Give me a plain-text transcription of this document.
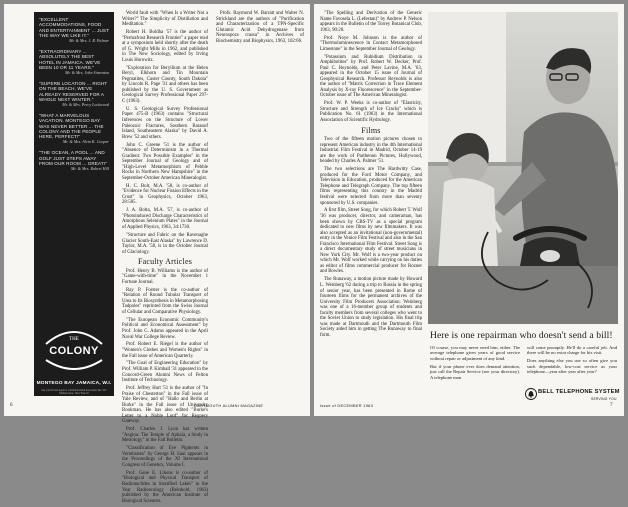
"EXCELLENT ACCOMMODATIONS, FOOD AND ENTERTAINMENT ... JUST THE WAY WE LIKE IT."
Mr. & Mrs. J. R. Palmer
"EXTRAORDINARY ... ABSOLUTELY THE BEST HOTEL IN JAMAICA. WE'VE BEEN 10 OR 11 YEARS."
Mr. & Mrs. John Simonton
"SUPERB LOCATION ... RIGHT ON THE BEACH, WE'VE ALREADY RESERVED FOR A WHOLE NEXT WINTER."
Mr. & Mrs. Percy Lockwood
"WHAT A MARVELOUS VACATION. MONTEGO BAY WAS NEVER BETTER ... THE COLONY AND THE PEOPLE HERE, PERFECT!"
Mr. & Mrs. Alvin K. Cooper
"THE OCEAN, A POOL ... AND GOLF JUST STEPS AWAY FROM OUR ROOM ... GREAT!"
Mr. & Mrs. Robert Hill
THE
COLONY
MONTEGO BAY JAMAICA, W.I.
See your Travel Agent or call Robert Reid Associates, Inc. 527 Madison Ave., New York 22

World fault with "When Is a Writer Not a Writer?" The Simplicity of Distillation and Meditation."

Robert H. Boldha '57 is the author of "Permafrost Research Frontier" a paper read at a symposium held shortly after the death of G. Wright Mills in 1962, and published in The New Sociology, edited by Irving Louis Horowitz.

"Exploration for Beryllium at the Helen Beryl, Elkhorn and Tin Mountain Pegmatites, Custer County, South Dakota" by Lincoln R. Page '31 and others has been published by the U. S. Government as Geological Survey Professional Paper 297-C (1963).

U. S. Geological Survey Professional Paper 475-B (1963) contains "Structural Inferences on the Structure of Lower Paleozoic Fractures, Southern Baranof Island, Southeastern Alaska" by David A. Brew '52 and others.

John C. Greene '51 is the author of "Absence of Determinism in a Thermal Gradient: Two Possible Examples" in the September Journal of Geology and of "High-Level Metamorphism of Pebble Rocks in Northern New Hampshire" in the September-October American Mineralogist.

H. C. Bolt, M.A. '58, is co-author of "Evidence for Nuclear Fission Effects in the Crust" in Geophysics, October 1963, 28:585.

J. A. Bolta, M.A. '57, is co-author of "Photoinduced Discharge Characteristics of Amorphous Selenium Plates" in the Journal of Applied Physics, 1963, 34:1730.

"Structure and Fabric on the Ravenaghe Glacier South-East Alaska" by Lawrence D. Taylor, M.A. '58, is in the October Journal of Glaciology.

Faculty Articles

Prof. Henry B. Williams is the author of "Game-with-time" in the November 1 Fortune Journal.

Ray P. Forster is the co-author of "Relation of Round Tubular Transport of Urea to Its Biosynthesis in Metamorphosing Tadpoles" reprinted from the Swiss Journal of Cellular and Comparative Physiology.

"The European Economic Community's Political and Economical Assessment" by Prof. John C. Adams appeared in the April Naval War College Review.

Prof. Robert E. Riegel is the author of "Women's Clothes and Women's Rights" in the Fall issue of American Quarterly.

"The Goal of Engineering Education" by Prof. William P. Kimball '31 appeared in the Concord-Green Alumni News of Felton Institute of Technology.

Prof. Jeffrey Hart '51 is the author of "In Praise of Chesterton" in the Fall issue of Yale Review, and of "Hallo and Berlin at Burke" in the Fall issue of University Bookman. He has also edited "Burke's Letter to a Noble Lord" for Regnery Gateway.

Prof. Charles J. Lyon has written "Aegina: The Temple of Aphaia, a Study in Metrology" in the Fall Bulletin.

"Classification of Eye Pigments in Vertebrates" by George H. Saul appears in the Proceedings of the XI International Congress of Genetics, Volume I.

Prof. Gene E. Likens is co-author of "Biological and Physical Transport of Radionuclides in Stratified Lakes" in the Year Radioecology (Reinhold, 1963) published by the American Institute of Biological Sciences.

Profs. Raymond W. Barratt and Walter N. Strickland are the authors of "Purification and Characterization of a TPN-Specific Glutamic Acid Dehydrogenase from Neurospora crassa" in Archives of Biochemistry and Biophysics, 1963, 102:66.

6	DARTMOUTH ALUMNI MAGAZINE

"The Spelling and Derivation of the Generic Name Favosela L. (Lefestan)" by Andrew P. Nelson appears in the Bulletin of the Torrey Botanical Club, 1963, 90:28.

Prof. Noye M. Johnson is the author of "Thermoluminescence in Contact Metamorphosed Limestone" in the September Journal of Geology.

"Potassium and Rubidium Distribution in Amphibolites" by Prof. Robert W. Decker, Prof. Paul C. Reynolds, and Peter Lavine, M.A. '63, appeared in the October 15 issue of Journal of Geophysical Research. Professor Reynolds is also the author of "Matrix Correction in Trace Element Analysis by X-ray Fluorescence" in the September-October issue of The American Mineralogist.

Prof. W. P. Weeks is co-author of "Elasticity, Structure and Strength of Ice Cracks" which is Publication No. 61 (1963) in the International Association of Scientific Hydrology.

Films

Two of the fifteen motion pictures chosen to represent American industry in the 4th International Industrial Film Festival in Madrid, October 14-19 are the work of Parthenon Pictures, Hollywood, headed by Charles A. Palmer '51.

The two selections are The Hardwitty Case, produced for the Ford Motor Company, and Television in Education, produced for the American Telephone and Telegraph Company. The top fifteen films representing this country in the Madrid festival were selected from more than seventy sponsored by U.S. companies.

A first film, Street Song, for which Robert T. Wolf '36 was producer, director, and cameraman, has been shown by CBS-TV as a special program dedicated to new films by new filmmakers. It was also accepted as an invitational (non-governmental) entry in the Venice Film Festival and also in the San Francisco International Film Festival. Street Song is a direct documentary study of street musicians in New York City. Mr. Wolf is a two-year product on which Mr. Wolf worked while carrying on his duties as editor of films commercial producer for Rozner and Bowles.

The Runaway, a motion picture made by Howard L. Weinberg '62 during a trip to Russia in the spring of senior year, has been presented in Rome of fourteen films for the permanent archives of the University Film Producers Association. Weinberg was one of a 16-member group of students and faculty members from several colleges who went to the Soviet Union to study legislation. His final trip was made at Dartmouth and the Dartmouth Film Society aided him in getting The Runaway to final form.	Here is one repairman who doesn't send a bill!

Of course, you may never need him, either. The average telephone gives years of good service without repair or adjustment of any kind.

But if your phone ever does demand attention, just call the Repair Service (see your directory). A telephone man

will come promptly. He'll do a careful job. And there will be no extra charge for his visit.

Does anything else you use so often give you such dependable, low-cost service as your telephone—year after year after year?

BELL TELEPHONE SYSTEM
SERVING YOU
Issue of DECEMBER 1963	7
